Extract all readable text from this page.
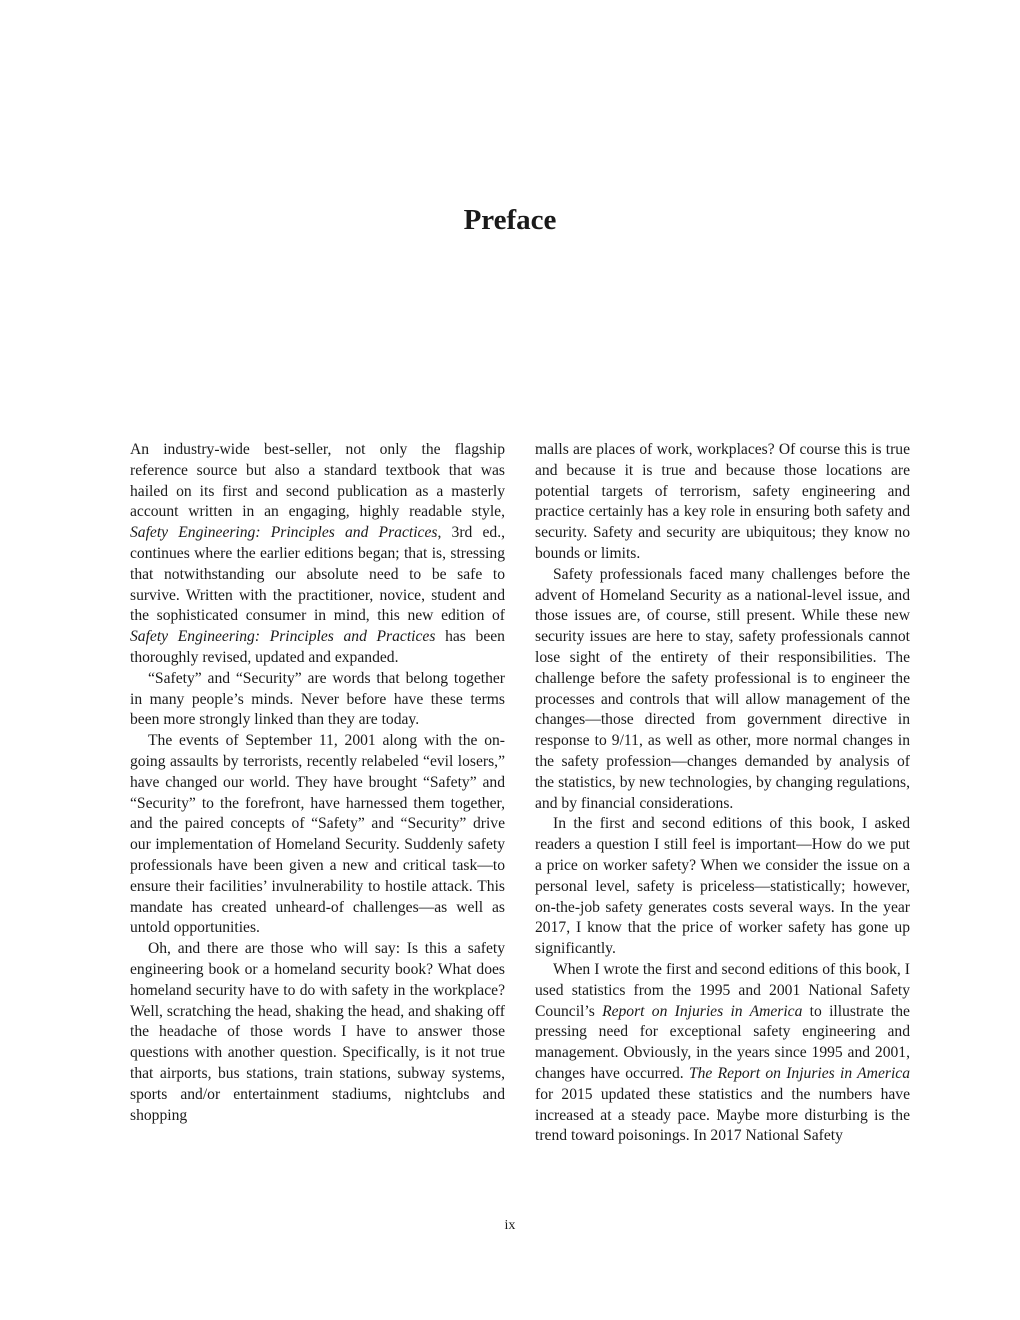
Preface

An industry-wide best-seller, not only the flagship reference source but also a standard textbook that was hailed on its first and second publication as a masterly account written in an engaging, highly readable style, Safety Engineering: Principles and Practices, 3rd ed., continues where the earlier editions began; that is, stressing that notwithstanding our absolute need to be safe to survive. Written with the practitioner, novice, student and the sophisticated consumer in mind, this new edition of Safety Engineering: Principles and Practices has been thoroughly revised, updated and expanded.

“Safety” and “Security” are words that belong together in many people’s minds. Never before have these terms been more strongly linked than they are today.

The events of September 11, 2001 along with the on-going assaults by terrorists, recently relabeled “evil losers,” have changed our world. They have brought “Safety” and “Security” to the forefront, have harnessed them together, and the paired concepts of “Safety” and “Security” drive our implementation of Homeland Security. Suddenly safety professionals have been given a new and critical task—to ensure their facilities’ invulnerability to hostile attack. This mandate has created unheard-of challenges—as well as untold opportunities.

Oh, and there are those who will say: Is this a safety engineering book or a homeland security book? What does homeland security have to do with safety in the workplace? Well, scratching the head, shaking the head, and shaking off the headache of those words I have to answer those questions with another question. Specifically, is it not true that airports, bus stations, train stations, subway systems, sports and/or entertainment stadiums, nightclubs and shopping

malls are places of work, workplaces? Of course this is true and because it is true and because those locations are potential targets of terrorism, safety engineering and practice certainly has a key role in ensuring both safety and security. Safety and security are ubiquitous; they know no bounds or limits.

Safety professionals faced many challenges before the advent of Homeland Security as a national-level issue, and those issues are, of course, still present. While these new security issues are here to stay, safety professionals cannot lose sight of the entirety of their responsibilities. The challenge before the safety professional is to engineer the processes and controls that will allow management of the changes—those directed from government directive in response to 9/11, as well as other, more normal changes in the safety profession—changes demanded by analysis of the statistics, by new technologies, by changing regulations, and by financial considerations.

In the first and second editions of this book, I asked readers a question I still feel is important—How do we put a price on worker safety? When we consider the issue on a personal level, safety is priceless—statistically; however, on-the-job safety generates costs several ways. In the year 2017, I know that the price of worker safety has gone up significantly.

When I wrote the first and second editions of this book, I used statistics from the 1995 and 2001 National Safety Council’s Report on Injuries in America to illustrate the pressing need for exceptional safety engineering and management. Obviously, in the years since 1995 and 2001, changes have occurred. The Report on Injuries in America for 2015 updated these statistics and the numbers have increased at a steady pace. Maybe more disturbing is the trend toward poisonings. In 2017 National Safety

ix
